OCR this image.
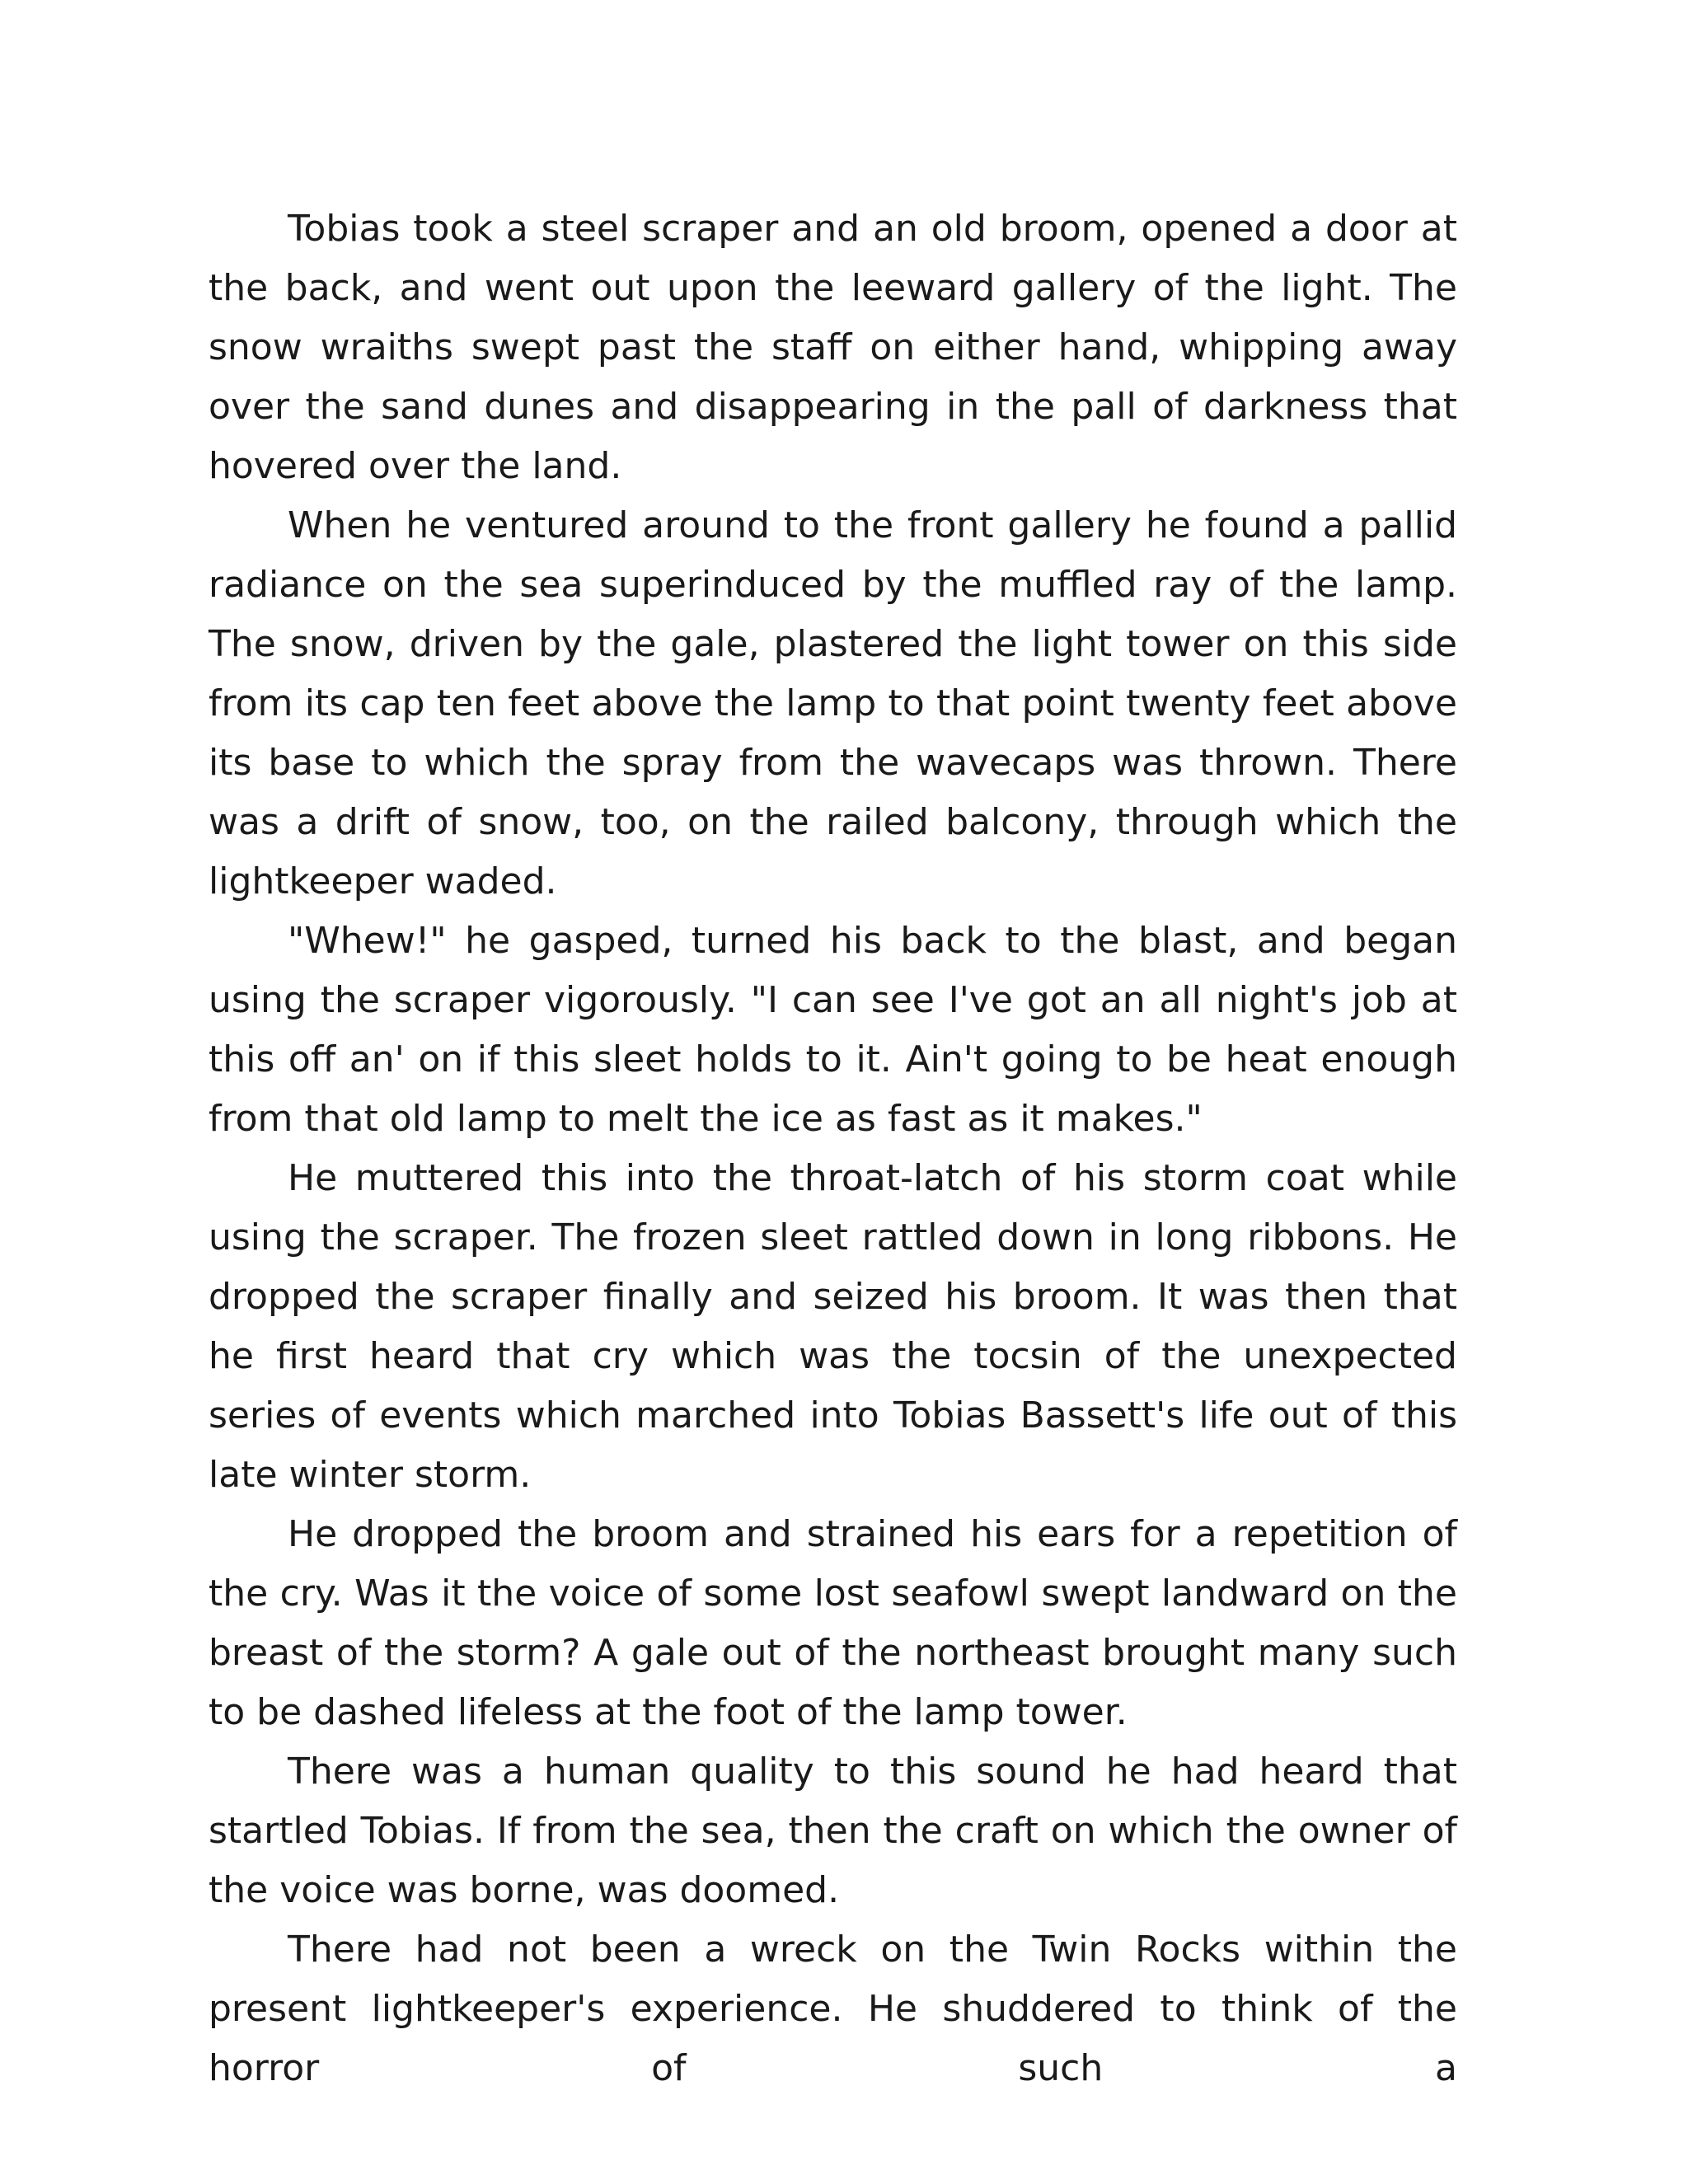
Tobias took a steel scraper and an old broom, opened a door at the back, and went out upon the leeward gallery of the light. The snow wraiths swept past the staff on either hand, whipping away over the sand dunes and disappearing in the pall of darkness that hovered over the land.

When he ventured around to the front gallery he found a pallid radiance on the sea superinduced by the muffled ray of the lamp. The snow, driven by the gale, plastered the light tower on this side from its cap ten feet above the lamp to that point twenty feet above its base to which the spray from the wavecaps was thrown. There was a drift of snow, too, on the railed balcony, through which the lightkeeper waded.

"Whew!" he gasped, turned his back to the blast, and began using the scraper vigorously. "I can see I've got an all night's job at this off an' on if this sleet holds to it. Ain't going to be heat enough from that old lamp to melt the ice as fast as it makes."

He muttered this into the throat-latch of his storm coat while using the scraper. The frozen sleet rattled down in long ribbons. He dropped the scraper finally and seized his broom. It was then that he first heard that cry which was the tocsin of the unexpected series of events which marched into Tobias Bassett's life out of this late winter storm.

He dropped the broom and strained his ears for a repetition of the cry. Was it the voice of some lost seafowl swept landward on the breast of the storm? A gale out of the northeast brought many such to be dashed lifeless at the foot of the lamp tower.

There was a human quality to this sound he had heard that startled Tobias. If from the sea, then the craft on which the owner of the voice was borne, was doomed.

There had not been a wreck on the Twin Rocks within the present lightkeeper's experience. He shuddered to think of the horror of such a
